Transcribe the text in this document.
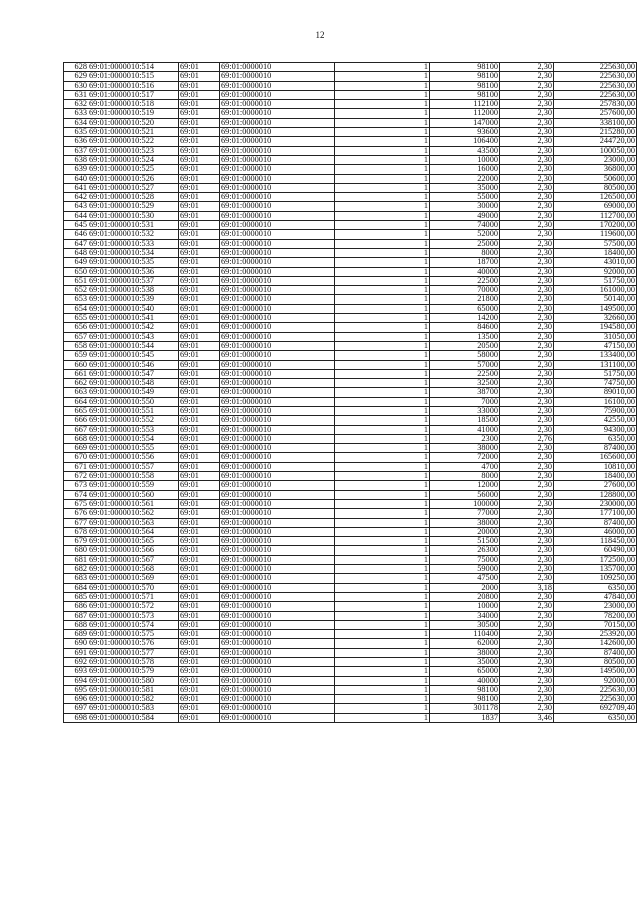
12
628	69:01:0000010:514	69:01	69:01:0000010	1	98100	2,30	225630,00
629	69:01:0000010:515	69:01	69:01:0000010	1	98100	2,30	225630,00
630	69:01:0000010:516	69:01	69:01:0000010	1	98100	2,30	225630,00
631	69:01:0000010:517	69:01	69:01:0000010	1	98100	2,30	225630,00
632	69:01:0000010:518	69:01	69:01:0000010	1	112100	2,30	257830,00
633	69:01:0000010:519	69:01	69:01:0000010	1	112000	2,30	257600,00
634	69:01:0000010:520	69:01	69:01:0000010	1	147000	2,30	338100,00
635	69:01:0000010:521	69:01	69:01:0000010	1	93600	2,30	215280,00
636	69:01:0000010:522	69:01	69:01:0000010	1	106400	2,30	244720,00
637	69:01:0000010:523	69:01	69:01:0000010	1	43500	2,30	100050,00
638	69:01:0000010:524	69:01	69:01:0000010	1	10000	2,30	23000,00
639	69:01:0000010:525	69:01	69:01:0000010	1	16000	2,30	36800,00
640	69:01:0000010:526	69:01	69:01:0000010	1	22000	2,30	50600,00
641	69:01:0000010:527	69:01	69:01:0000010	1	35000	2,30	80500,00
642	69:01:0000010:528	69:01	69:01:0000010	1	55000	2,30	126500,00
643	69:01:0000010:529	69:01	69:01:0000010	1	30000	2,30	69000,00
644	69:01:0000010:530	69:01	69:01:0000010	1	49000	2,30	112700,00
645	69:01:0000010:531	69:01	69:01:0000010	1	74000	2,30	170200,00
646	69:01:0000010:532	69:01	69:01:0000010	1	52000	2,30	119600,00
647	69:01:0000010:533	69:01	69:01:0000010	1	25000	2,30	57500,00
648	69:01:0000010:534	69:01	69:01:0000010	1	8000	2,30	18400,00
649	69:01:0000010:535	69:01	69:01:0000010	1	18700	2,30	43010,00
650	69:01:0000010:536	69:01	69:01:0000010	1	40000	2,30	92000,00
651	69:01:0000010:537	69:01	69:01:0000010	1	22500	2,30	51750,00
652	69:01:0000010:538	69:01	69:01:0000010	1	70000	2,30	161000,00
653	69:01:0000010:539	69:01	69:01:0000010	1	21800	2,30	50140,00
654	69:01:0000010:540	69:01	69:01:0000010	1	65000	2,30	149500,00
655	69:01:0000010:541	69:01	69:01:0000010	1	14200	2,30	32660,00
656	69:01:0000010:542	69:01	69:01:0000010	1	84600	2,30	194580,00
657	69:01:0000010:543	69:01	69:01:0000010	1	13500	2,30	31050,00
658	69:01:0000010:544	69:01	69:01:0000010	1	20500	2,30	47150,00
659	69:01:0000010:545	69:01	69:01:0000010	1	58000	2,30	133400,00
660	69:01:0000010:546	69:01	69:01:0000010	1	57000	2,30	131100,00
661	69:01:0000010:547	69:01	69:01:0000010	1	22500	2,30	51750,00
662	69:01:0000010:548	69:01	69:01:0000010	1	32500	2,30	74750,00
663	69:01:0000010:549	69:01	69:01:0000010	1	38700	2,30	89010,00
664	69:01:0000010:550	69:01	69:01:0000010	1	7000	2,30	16100,00
665	69:01:0000010:551	69:01	69:01:0000010	1	33000	2,30	75900,00
666	69:01:0000010:552	69:01	69:01:0000010	1	18500	2,30	42550,00
667	69:01:0000010:553	69:01	69:01:0000010	1	41000	2,30	94300,00
668	69:01:0000010:554	69:01	69:01:0000010	1	2300	2,76	6350,00
669	69:01:0000010:555	69:01	69:01:0000010	1	38000	2,30	87400,00
670	69:01:0000010:556	69:01	69:01:0000010	1	72000	2,30	165600,00
671	69:01:0000010:557	69:01	69:01:0000010	1	4700	2,30	10810,00
672	69:01:0000010:558	69:01	69:01:0000010	1	8000	2,30	18400,00
673	69:01:0000010:559	69:01	69:01:0000010	1	12000	2,30	27600,00
674	69:01:0000010:560	69:01	69:01:0000010	1	56000	2,30	128800,00
675	69:01:0000010:561	69:01	69:01:0000010	1	100000	2,30	230000,00
676	69:01:0000010:562	69:01	69:01:0000010	1	77000	2,30	177100,00
677	69:01:0000010:563	69:01	69:01:0000010	1	38000	2,30	87400,00
678	69:01:0000010:564	69:01	69:01:0000010	1	20000	2,30	46000,00
679	69:01:0000010:565	69:01	69:01:0000010	1	51500	2,30	118450,00
680	69:01:0000010:566	69:01	69:01:0000010	1	26300	2,30	60490,00
681	69:01:0000010:567	69:01	69:01:0000010	1	75000	2,30	172500,00
682	69:01:0000010:568	69:01	69:01:0000010	1	59000	2,30	135700,00
683	69:01:0000010:569	69:01	69:01:0000010	1	47500	2,30	109250,00
684	69:01:0000010:570	69:01	69:01:0000010	1	2000	3,18	6350,00
685	69:01:0000010:571	69:01	69:01:0000010	1	20800	2,30	47840,00
686	69:01:0000010:572	69:01	69:01:0000010	1	10000	2,30	23000,00
687	69:01:0000010:573	69:01	69:01:0000010	1	34000	2,30	78200,00
688	69:01:0000010:574	69:01	69:01:0000010	1	30500	2,30	70150,00
689	69:01:0000010:575	69:01	69:01:0000010	1	110400	2,30	253920,00
690	69:01:0000010:576	69:01	69:01:0000010	1	62000	2,30	142600,00
691	69:01:0000010:577	69:01	69:01:0000010	1	38000	2,30	87400,00
692	69:01:0000010:578	69:01	69:01:0000010	1	35000	2,30	80500,00
693	69:01:0000010:579	69:01	69:01:0000010	1	65000	2,30	149500,00
694	69:01:0000010:580	69:01	69:01:0000010	1	40000	2,30	92000,00
695	69:01:0000010:581	69:01	69:01:0000010	1	98100	2,30	225630,00
696	69:01:0000010:582	69:01	69:01:0000010	1	98100	2,30	225630,00
697	69:01:0000010:583	69:01	69:01:0000010	1	301178	2,30	692709,40
698	69:01:0000010:584	69:01	69:01:0000010	1	1837	3,46	6350,00
